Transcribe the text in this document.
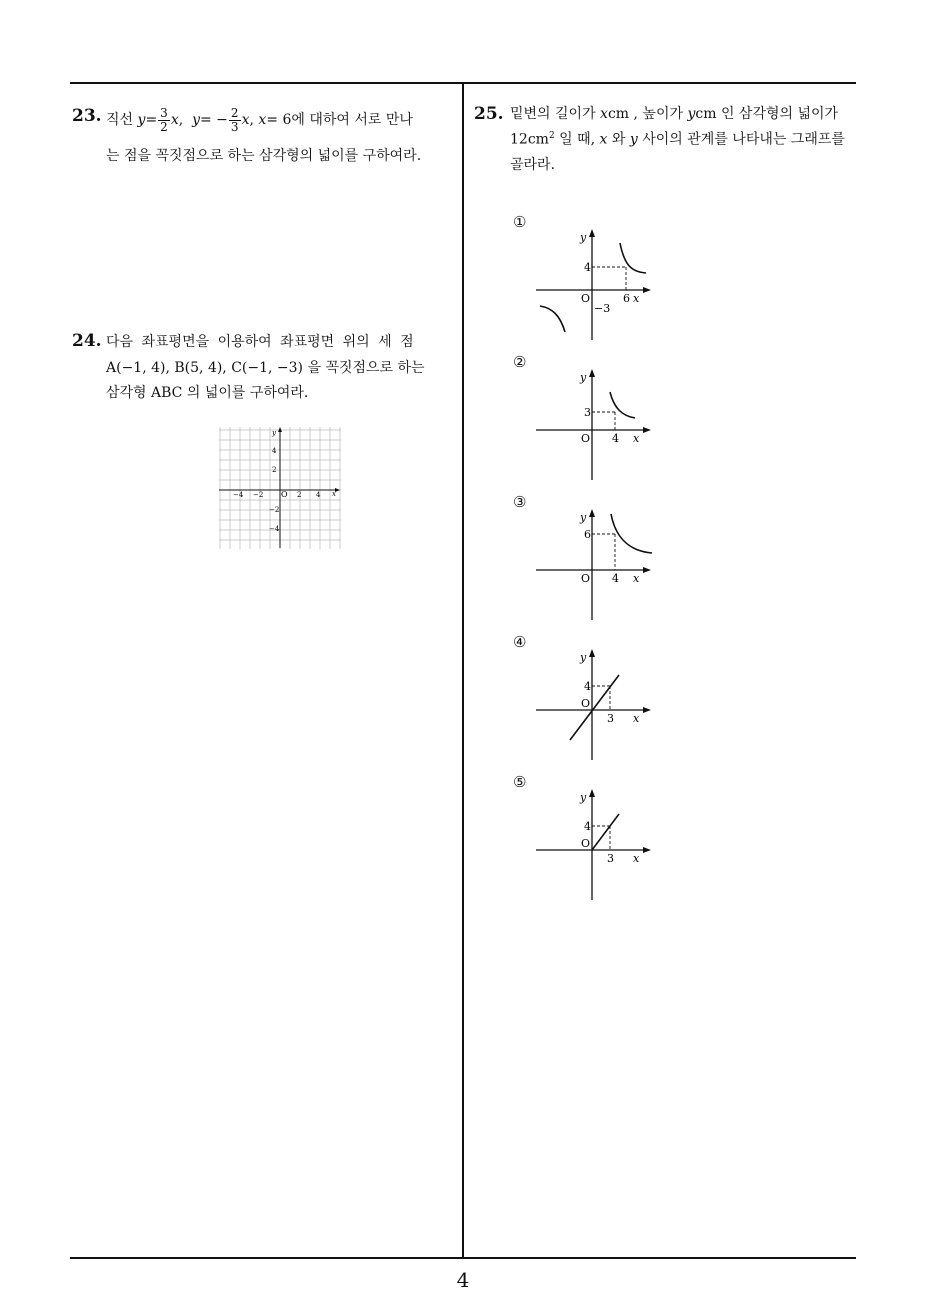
23. 직선
$y = \frac{3}{2}$ x ,
y = − $\frac{2}{3}$ x ,
x = 6 에 대하여 서로 만나
는 점을 꼭짓점으로 하는 삼각형의 넓이를 구하여라.
24. 다음 좌표평면을 이용하여 좌표평면 위의 세 점
A(−1, 4), B(5, 4), C(−1, −3) 을 꼭짓점으로 하는
삼각형 ABC 의 넓이를 구하여라.
y
x
O
−4 −2	2 4
4
2
−2
−4
25. 밑변의 길이가 xcm , 높이가 ycm 인 삼각형의 넓이가
$12cm^2$ 일 때, x 와 y 사이의 관계를 나타내는 그래프를
골라라.
①
y
x
O
4
6
−3
②
y
x
O
3
4
③
y
x
O
6
4
④
y
x
O
4
3
⑤
y
x
O
4
3
4
